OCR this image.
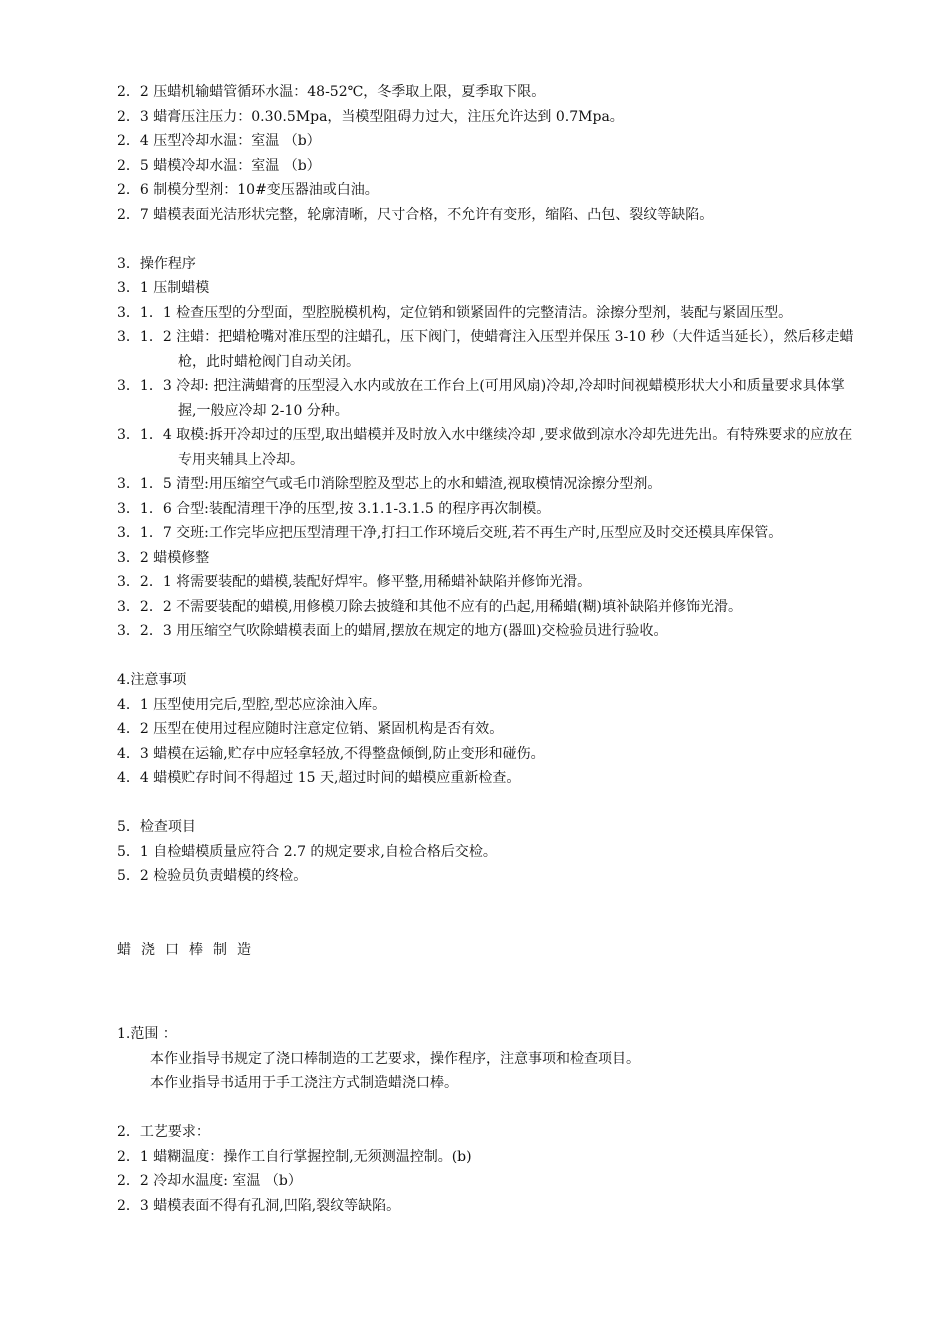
2．2 压蜡机输蜡管循环水温：48-52℃，冬季取上限，夏季取下限。
2．3 蜡膏压注压力：0.30.5Mpa，当模型阻碍力过大，注压允许达到 0.7Mpa。
2．4 压型冷却水温：室温 （b）
2．5 蜡模冷却水温：室温 （b）
2．6 制模分型剂：10#变压器油或白油。
2．7 蜡模表面光洁形状完整，轮廓清晰，尺寸合格，不允许有变形，缩陷、凸包、裂纹等缺陷。
3．操作程序
3．1 压制蜡模
3．1．1 检查压型的分型面，型腔脱模机构，定位销和锁紧固件的完整清洁。涂擦分型剂，装配与紧固压型。
3．1．2 注蜡：把蜡枪嘴对准压型的注蜡孔，压下阀门，使蜡膏注入压型并保压 3-10 秒（大件适当延长），然后移走蜡枪，此时蜡枪阀门自动关闭。
3．1．3 冷却: 把注满蜡膏的压型浸入水内或放在工作台上(可用风扇)冷却,冷却时间视蜡模形状大小和质量要求具体掌握,一般应冷却 2-10 分种。
3．1．4 取模:拆开冷却过的压型,取出蜡模并及时放入水中继续冷却 ,要求做到凉水冷却先进先出。有特殊要求的应放在专用夹辅具上冷却。
3．1．5 清型:用压缩空气或毛巾消除型腔及型芯上的水和蜡渣,视取模情况涂擦分型剂。
3．1．6 合型:装配清理干净的压型,按 3.1.1-3.1.5 的程序再次制模。
3．1．7 交班:工作完毕应把压型清理干净,打扫工作环境后交班,若不再生产时,压型应及时交还模具库保管。
3．2 蜡模修整
3．2．1 将需要装配的蜡模,装配好焊牢。修平整,用稀蜡补缺陷并修饰光滑。
3．2．2 不需要装配的蜡模,用修模刀除去披缝和其他不应有的凸起,用稀蜡(糊)填补缺陷并修饰光滑。
3．2．3 用压缩空气吹除蜡模表面上的蜡屑,摆放在规定的地方(器皿)交检验员进行验收。
4.注意事项
4．1 压型使用完后,型腔,型芯应涂油入库。
4．2 压型在使用过程应随时注意定位销、紧固机构是否有效。
4．3 蜡模在运输,贮存中应轻拿轻放,不得整盘倾倒,防止变形和碰伤。
4．4 蜡模贮存时间不得超过 15 天,超过时间的蜡模应重新检查。
5．检查项目
5．1 自检蜡模质量应符合 2.7 的规定要求,自检合格后交检。
5．2 检验员负责蜡模的终检。
蜡浇口棒制造
1.范围 ：
本作业指导书规定了浇口棒制造的工艺要求，操作程序，注意事项和检查项目。
本作业指导书适用于手工浇注方式制造蜡浇口棒。
2．工艺要求：
2．1 蜡糊温度：操作工自行掌握控制,无须测温控制。(b)
2．2 冷却水温度: 室温 （b）
2．3 蜡模表面不得有孔洞,凹陷,裂纹等缺陷。
